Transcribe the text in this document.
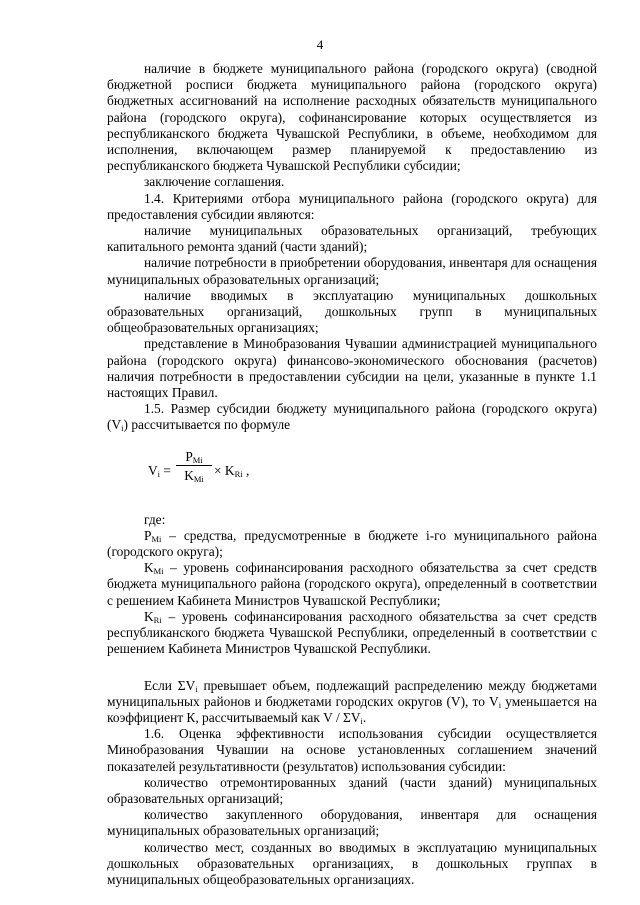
4

наличие в бюджете муниципального района (городского округа) (сводной бюджетной росписи бюджета муниципального района (городского округа) бюджетных ассигнований на исполнение расходных обязательств муниципального района (городского округа), софинансирование которых осуществляется из республиканского бюджета Чувашской Республики, в объеме, необходимом для исполнения, включающем размер планируемой к предоставлению из республиканского бюджета Чувашской Республики субсидии;

заключение соглашения.

1.4. Критериями отбора муниципального района (городского округа) для предоставления субсидии являются:

наличие муниципальных образовательных организаций, требующих капитального ремонта зданий (части зданий);

наличие потребности в приобретении оборудования, инвентаря для оснащения муниципальных образовательных организаций;

наличие вводимых в эксплуатацию муниципальных дошкольных образовательных организаций, дошкольных групп в муниципальных общеобразовательных организациях;

представление в Минобразования Чувашии администрацией муниципального района (городского округа) финансово-экономического обоснования (расчетов) наличия потребности в предоставлении субсидии на цели, указанные в пункте 1.1 настоящих Правил.

1.5. Размер субсидии бюджету муниципального района (городского округа) $(V_i)$ рассчитывается по формуле

$V_i$ =
$P_{Mi}$
$K_{Mi}$
× $K_{Ri}$ ,

где:

$P_{Mi}$ – средства, предусмотренные в бюджете i-го муниципального района (городского округа);

$K_{Mi}$ – уровень софинансирования расходного обязательства за счет средств бюджета муниципального района (городского округа), определенный в соответствии с решением Кабинета Министров Чувашской Республики;

$K_{Ri}$ – уровень софинансирования расходного обязательства за счет средств республиканского бюджета Чувашской Республики, определенный в соответствии с решением Кабинета Министров Чувашской Республики.

Если $\Sigma V_i$ превышает объем, подлежащий распределению между бюджетами муниципальных районов и бюджетами городских округов (V), то $V_i$ уменьшается на коэффициент К, рассчитываемый как V / $\Sigma V_i$.

1.6. Оценка эффективности использования субсидии осуществляется Минобразования Чувашии на основе установленных соглашением значений показателей результативности (результатов) использования субсидии:

количество отремонтированных зданий (части зданий) муниципальных образовательных организаций;

количество закупленного оборудования, инвентаря для оснащения муниципальных образовательных организаций;

количество мест, созданных во вводимых в эксплуатацию муниципальных дошкольных образовательных организациях, в дошкольных группах в муниципальных общеобразовательных организациях.
